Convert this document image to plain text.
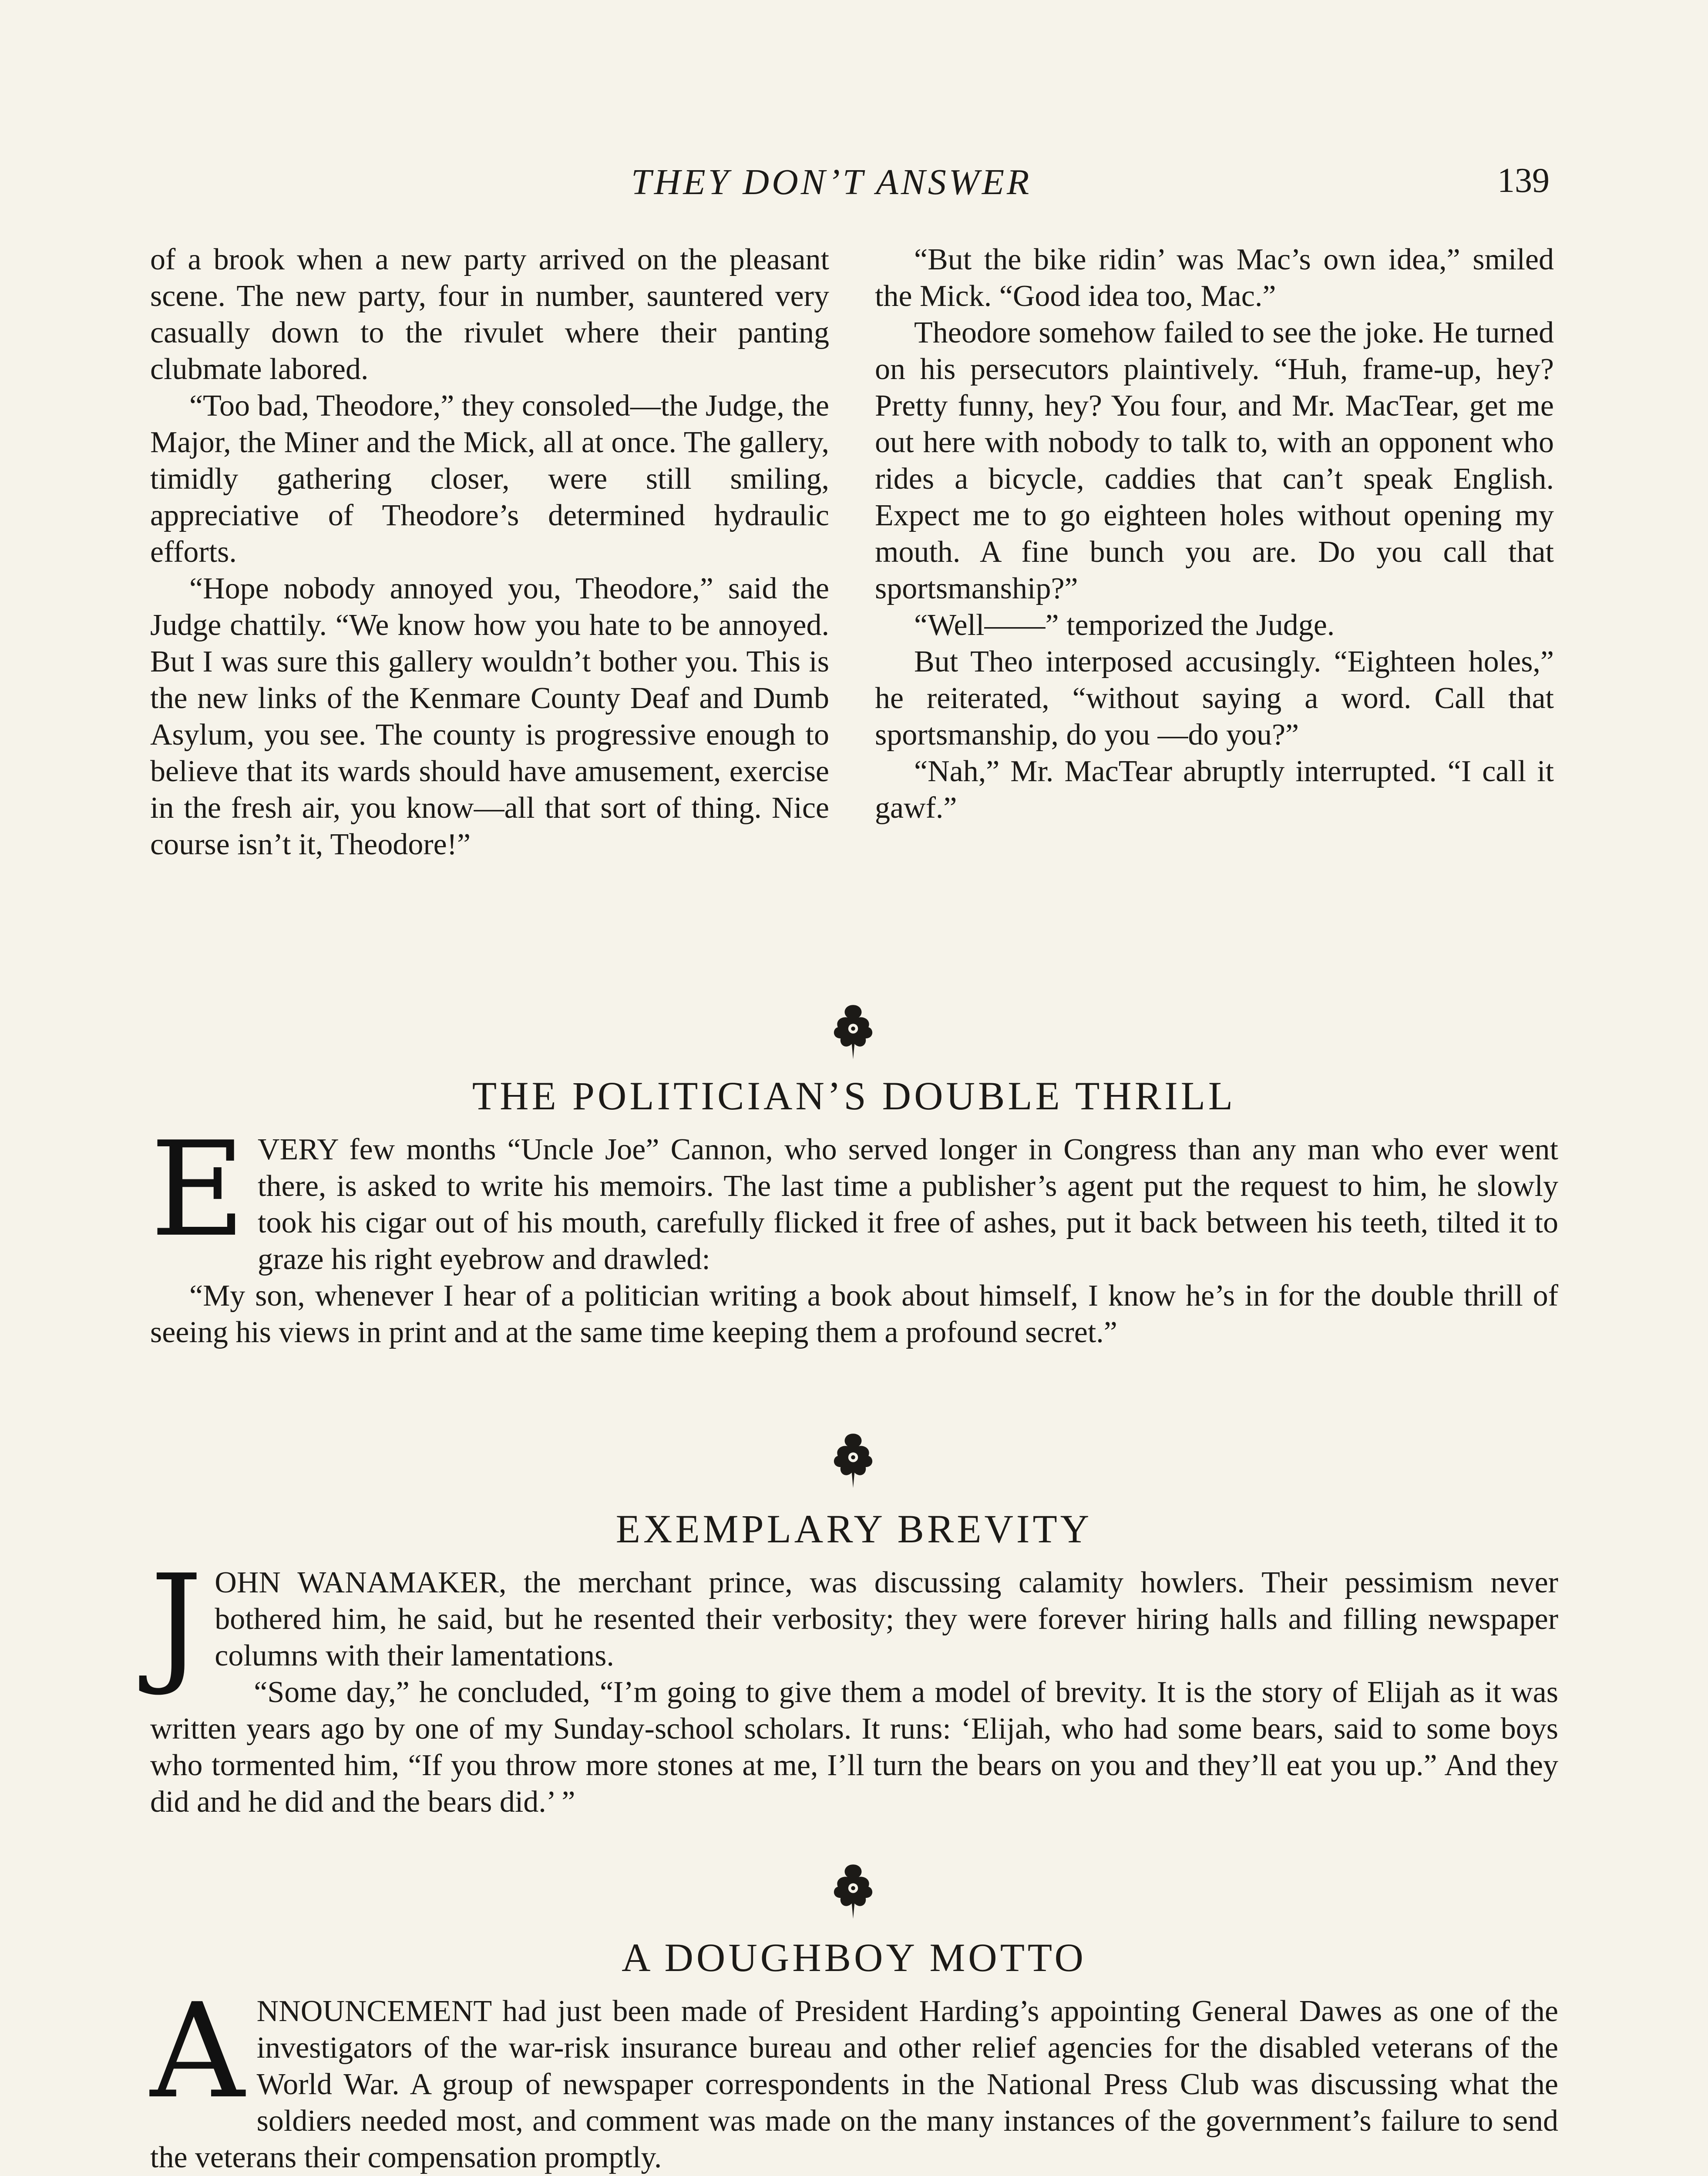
THEY DON’T ANSWER	139

of a brook when a new party arrived on the pleasant scene. The new party, four in number, sauntered very casually down to the rivulet where their panting clubmate labored.

“Too bad, Theodore,” they consoled—the Judge, the Major, the Miner and the Mick, all at once. The gallery, timidly gathering closer, were still smiling, appreciative of Theodore’s determined hydraulic efforts.

“Hope nobody annoyed you, Theodore,” said the Judge chattily. “We know how you hate to be annoyed. But I was sure this gallery wouldn’t bother you. This is the new links of the Kenmare County Deaf and Dumb Asylum, you see. The county is progressive enough to believe that its wards should have amusement, exercise in the fresh air, you know—all that sort of thing. Nice course isn’t it, Theodore!”

“But the bike ridin’ was Mac’s own idea,” smiled the Mick. “Good idea too, Mac.”

Theodore somehow failed to see the joke. He turned on his persecutors plaintively. “Huh, frame-up, hey? Pretty funny, hey? You four, and Mr. MacTear, get me out here with nobody to talk to, with an opponent who rides a bicycle, caddies that can’t speak English. Expect me to go eighteen holes without opening my mouth. A fine bunch you are. Do you call that sportsmanship?”

“Well——” temporized the Judge.

But Theo interposed accusingly. “Eighteen holes,” he reiterated, “without saying a word. Call that sportsmanship, do you —do you?”

“Nah,” Mr. MacTear abruptly interrupted. “I call it gawf.”

THE POLITICIAN’S DOUBLE THRILL

EVERY few months “Uncle Joe” Cannon, who served longer in Congress than any man who ever went there, is asked to write his memoirs. The last time a publisher’s agent put the request to him, he slowly took his cigar out of his mouth, carefully flicked it free of ashes, put it back between his teeth, tilted it to graze his right eyebrow and drawled:

“My son, whenever I hear of a politician writing a book about himself, I know he’s in for the double thrill of seeing his views in print and at the same time keeping them a profound secret.”

EXEMPLARY BREVITY

JOHN WANAMAKER, the merchant prince, was discussing calamity howlers. Their pessimism never bothered him, he said, but he resented their verbosity; they were forever hiring halls and filling newspaper columns with their lamentations.

“Some day,” he concluded, “I’m going to give them a model of brevity. It is the story of Elijah as it was written years ago by one of my Sunday-school scholars. It runs: ‘Elijah, who had some bears, said to some boys who tormented him, “If you throw more stones at me, I’ll turn the bears on you and they’ll eat you up.” And they did and he did and the bears did.’ ”

A DOUGHBOY MOTTO

ANNOUNCEMENT had just been made of President Harding’s appointing General Dawes as one of the investigators of the war-risk insurance bureau and other relief agencies for the disabled veterans of the World War. A group of newspaper correspondents in the National Press Club was discussing what the soldiers needed most, and comment was made on the many instances of the government’s failure to send the veterans their compensation promptly.
